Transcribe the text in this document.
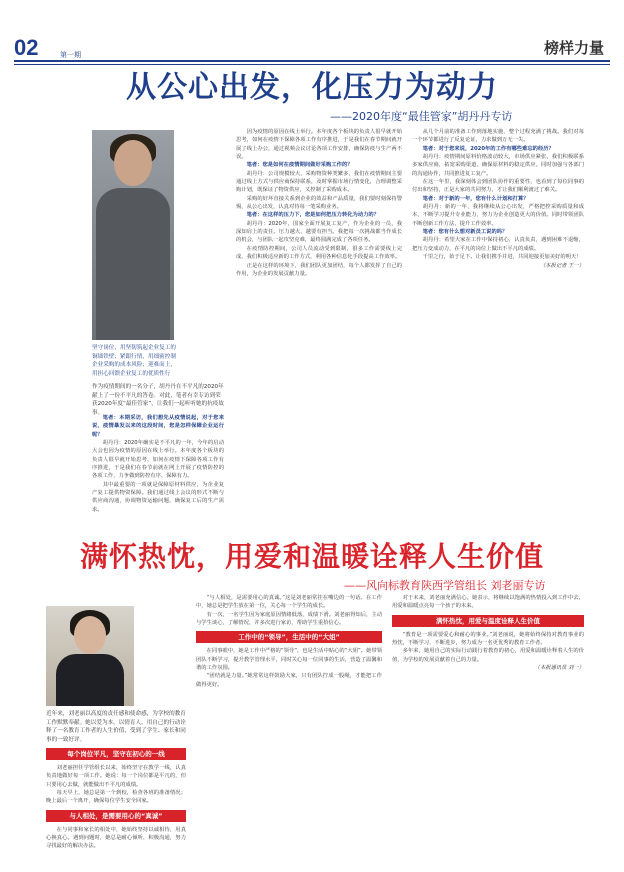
02	第一期	榜样力量
从公心出发，化压力为动力
——2020年度“最佳管家”胡丹丹专访
坚守岗位，用坚韧筑起企业复工的铜墙铁壁；紧跟行情，用细密控制企业采购的成本风险；迎难而上，用担心回馈企业复工的优质性行
作为疫情期间的一名分子，胡丹丹在不平凡的2020年献上了一份不平凡的答卷。对此，笔者有幸专访到荣获2020年度“最佳管家”，让我们一起听听她的抗疫故事。

笔者：本期采访，我们想先从疫情说起，对于您来说，疫情暴发以来的这段时间，您是怎样保障企业运行呢？

胡丹丹：2020年确实是不平凡的一年，今年的启动大会也因为疫情的原因在线上举行。本年度各个板块的负责人很早就开始思考，如何在疫情下保障各项工作有序推进，于是我们在春节前就在网上开展了疫情防控的各项工作，力争做到防控有序、保障有力。

其中最重要的一项就是保障原材料供应，为企业复产复工提供物资保障。我们通过线上会议的形式不断与供应商沟通，协调物资运输问题，确保复工后的生产需求。

因为疫情的原因在线上举行。本年度各个板块的负责人很早就开始思考，如何在疫情下保障各项工作有序推进，于是我们在春节期间就开展了线上办公，通过视频会议讨论各项工作安排，确保防疫与生产两不误。

笔者：您是如何在疫情期间做好采购工作的？

胡丹丹：公司规模较大，采购物资种类繁多，我们在疫情期间主要通过线上方式与供应商保持联系，及时掌握市场行情变化，合理调整采购计划，既保证了物资供应，又控制了采购成本。

采购的好坏直接关系到企业的效益和产品质量，我们要时刻保持警惕，从公心出发，认真对待每一笔采购业务。

笔者：在这样的压力下，您是如何把压力转化为动力的？

胡丹丹：2020年，国家全面开展复工复产，作为企业的一员，我深知肩上的责任。压力越大，越要有担当。我把每一次挑战都当作成长的机会，与团队一起攻坚克难，最终圆满完成了各项任务。

在疫情防控期间，公司人员流动受到限制，很多工作需要线上完成，我们积极适应新的工作方式，利用各种信息化手段提高工作效率。

正是在这样的环境下，我们团队更加团结，每个人都发挥了自己的作用，为企业的发展贡献力量。

从几个月前的准备工作到落地实施，整个过程充满了挑战。我们对每一个环节都进行了反复论证，力求做到万无一失。

笔者：对于您来说，2020年的工作有哪些难忘的经历？

胡丹丹：疫情期间原料价格波动较大，市场供应紧张，我们积极联系多家供应商，拓宽采购渠道，确保原材料的稳定供应。同时加强与各部门的沟通协作，共同推进复工复产。

在这一年里，我深刻体会到团队协作的重要性，也看到了每位同事的付出和坚持，正是大家的共同努力，才让我们顺利渡过了难关。

笔者：对于新的一年，您有什么计划和打算？

胡丹丹：新的一年，我将继续从公心出发，严格把控采购质量和成本，不断学习提升专业能力，努力为企业创造更大的价值。同时带领团队不断创新工作方法，提升工作效率。

笔者：您有什么想对新员工说的吗？

胡丹丹：希望大家在工作中保持初心，认真负责，遇到困难不退缩，把压力变成动力，在平凡的岗位上做出不平凡的成绩。

千里之行，始于足下。让我们携手并进，共同迎接更加美好的明天！

（本报记者 王一）

满怀热忱，用爱和温暖诠释人生价值
——风向标教育陕西学管组长 刘老丽专访
近年来，刘老丽以高度的责任感和使命感，为学校的教育工作默默奉献。她以爱为本，以情育人，用自己的行动诠释了一名教育工作者的人生价值，受到了学生、家长和同事的一致好评。
每个岗位平凡，坚守在初心的一线

刘老丽担任学管组长以来，始终坚守在教学一线，认真负责地做好每一项工作。她说：每一个岗位都是平凡的，但只要用心去做，就能做出不平凡的成绩。

每天早上，她总是第一个到校，检查各班的准备情况；晚上最后一个离开，确保每位学生安全回家。

与人相处，是需要用心的“真诚”

在与同事和家长的相处中，她始终坚持以诚相待，用真心换真心。遇到问题时，她总是耐心倾听，积极沟通，努力寻找最好的解决办法。

“与人相处，是需要用心的真诚。”这是刘老丽常挂在嘴边的一句话。在工作中，她总是把学生放在第一位，关心每一个学生的成长。

有一次，一名学生因为家庭原因情绪低落，成绩下滑。刘老丽得知后，主动与学生谈心，了解情况，并多次进行家访，帮助学生重拾信心。

工作中的“领导”，生活中的“大姐”

在同事眼中，她是工作中严格的“领导”，也是生活中贴心的“大姐”。她带领团队不断学习，提升教学管理水平，同时关心每一位同事的生活，营造了温馨和谐的工作氛围。

“团结就是力量。”她常常这样鼓励大家，只有团队拧成一股绳，才能把工作做得更好。

对于未来，刘老丽充满信心。她表示，将继续以饱满的热情投入到工作中去，用爱和温暖点亮每一个孩子的未来。

满怀热忱，用爱与温度诠释人生价值

“教育是一项需要爱心和耐心的事业。”刘老丽说，她将始终保持对教育事业的热忱，不断学习、不断进步，努力成为一名更优秀的教育工作者。

多年来，她用自己的实际行动践行着教育的初心，用爱和温暖诠释着人生的价值，为学校的发展贡献着自己的力量。

（本报通讯员 刘一）
